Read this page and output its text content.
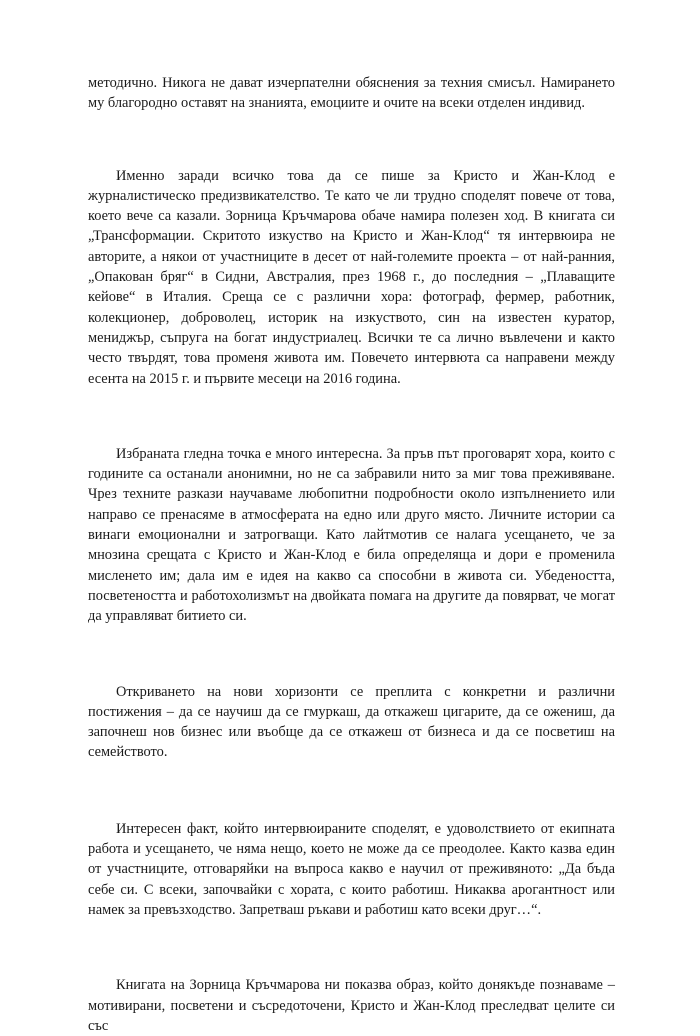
методично. Никога не дават изчерпателни обяснения за техния смисъл. Намирането му благородно оставят на знанията, емоциите и очите на всеки отделен индивид.

Именно заради всичко това да се пише за Кристо и Жан-Клод е журналистическо предизвикателство. Те като че ли трудно споделят повече от това, което вече са казали. Зорница Кръчмарова обаче намира полезен ход. В книгата си „Трансформации. Скритото изкуство на Кристо и Жан-Клод“ тя интервюира не авторите, а някои от участниците в десет от най-големите проекта – от най-ранния, „Опакован бряг“ в Сидни, Австралия, през 1968 г., до последния – „Плаващите кейове“ в Италия. Среща се с различни хора: фотограф, фермер, работник, колекционер, доброволец, историк на изкуството, син на известен куратор, мениджър, съпруга на богат индустриалец. Всички те са лично въвлечени и както често твърдят, това променя живота им. Повечето интервюта са направени между есента на 2015 г. и първите месеци на 2016 година.

Избраната гледна точка е много интересна. За пръв път проговарят хора, които с годините са останали анонимни, но не са забравили нито за миг това преживяване. Чрез техните разкази научаваме любопитни подробности около изпълнението или направо се пренасяме в атмосферата на едно или друго място. Личните истории са винаги емоционални и затрогващи. Като лайтмотив се налага усещането, че за мнозина срещата с Кристо и Жан-Клод е била определяща и дори е променила мисленето им; дала им е идея на какво са способни в живота си. Убедеността, посветеността и работохолизмът на двойката помага на другите да повярват, че могат да управляват битието си.

Откриването на нови хоризонти се преплита с конкретни и различни постижения – да се научиш да се гмуркаш, да откажеш цигарите, да се ожениш, да започнеш нов бизнес или въобще да се откажеш от бизнеса и да се посветиш на семейството.

Интересен факт, който интервюираните споделят, е удоволствието от екипната работа и усещането, че няма нещо, което не може да се преодолее. Както казва един от участниците, отговаряйки на въпроса какво е научил от преживяното: „Да бъда себе си. С всеки, започвайки с хората, с които работиш. Никаква арогантност или намек за превъзходство. Запретваш ръкави и работиш като всеки друг…“.

Книгата на Зорница Кръчмарова ни показва образ, който донякъде познаваме – мотивирани, посветени и съсредоточени, Кристо и Жан-Клод преследват целите си със
